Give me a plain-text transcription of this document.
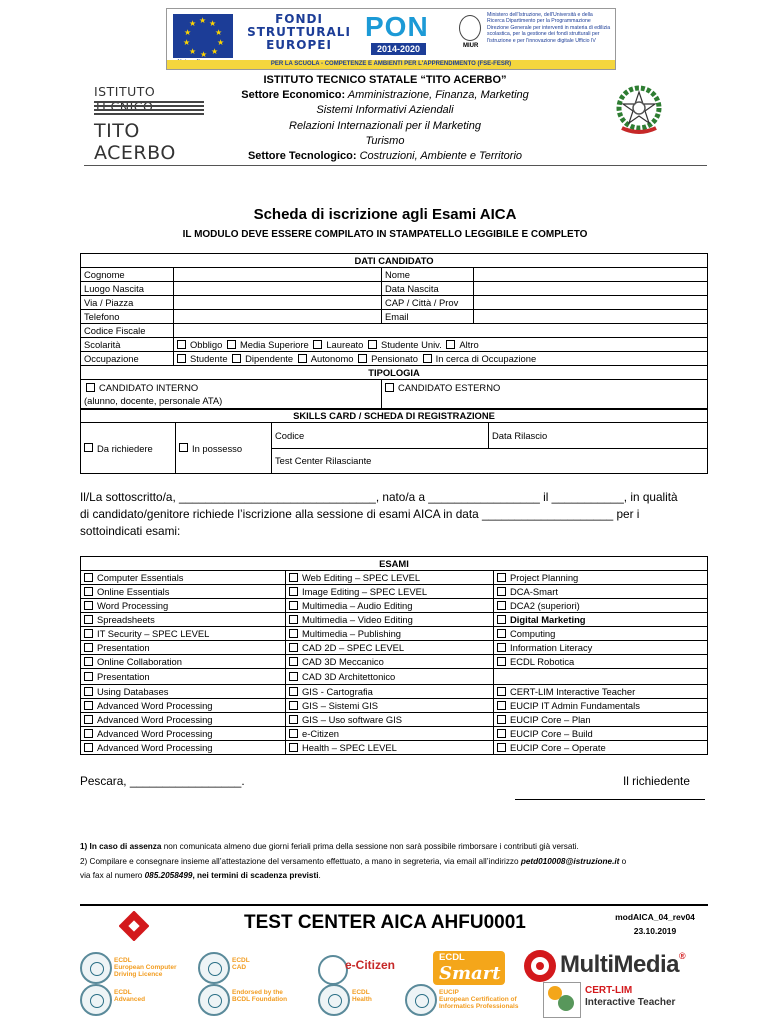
★ ★
★
★
★
★
★
★
★
★	FONDI STRUTTURALI EUROPEI
PON
2014-2020	MIUR
Ministero dell'Istruzione, dell'Università e della Ricerca Dipartimento per la Programmazione Direzione Generale per interventi in materia di edilizia scolastica, per la gestione dei fondi strutturali per l'istruzione e per l'innovazione digitale Ufficio IV
PER LA SCUOLA - COMPETENZE E AMBIENTI PER L'APPRENDIMENTO (FSE-FESR)
ISTITUTO
TITO ACERBO
ISTITUTO TECNICO STATALE “TITO ACERBO”
Settore Economico: Amministrazione, Finanza, Marketing
Sistemi Informativi Aziendali
Relazioni Internazionali per il Marketing
Turismo
Settore Tecnologico: Costruzioni, Ambiente e Territorio
Scheda di iscrizione agli Esami AICA
IL MODULO DEVE ESSERE COMPILATO IN STAMPATELLO LEGGIBILE E COMPLETO
DATI CANDIDATO			
Cognome		Nome	
Luogo Nascita		Data Nascita	
Via / Piazza		CAP / Città / Prov	
Telefono		Email	
Codice Fiscale			
Scolarità	Obbligo Media Superiore Laureato Studente Univ. Altro		
Occupazione	Studente Dipendente Autonomo Pensionato In cerca di Occupazione		
TIPOLOGIA			

CANDIDATO INTERNO
(alunno, docente, personale ATA)		CANDIDATO ESTERNO	
SKILLS CARD / SCHEDA DI REGISTRAZIONE
Da richiedere	In possesso	Codice	Data Rilascio
Test Center Rilasciante
Il/La sottoscritto/a, ______________________________, nato/a a _________________ il ___________, in qualità
di candidato/genitore richiede l’iscrizione alla sessione di esami AICA in data ____________________ per i
sottoindicati esami:
ESAMI		
Computer Essentials	Web Editing – SPEC LEVEL	Project Planning
Online Essentials	Image Editing – SPEC LEVEL	DCA-Smart
Word Processing	Multimedia – Audio Editing	DCA2 (superiori)
Spreadsheets	Multimedia – Video Editing	Digital Marketing
IT Security – SPEC LEVEL	Multimedia – Publishing	Computing
Presentation	CAD 2D – SPEC LEVEL	Information Literacy
Online Collaboration	CAD 3D Meccanico	ECDL Robotica
Presentation	CAD 3D Architettonico	
Using Databases	GIS - Cartografia	CERT-LIM Interactive Teacher
Advanced Word Processing	GIS – Sistemi GIS	EUCIP IT Admin Fundamentals
Advanced Word Processing	GIS – Uso software GIS	EUCIP Core – Plan
Advanced Word Processing	e-Citizen	EUCIP Core – Build
Advanced Word Processing	Health – SPEC LEVEL	EUCIP Core – Operate
Pescara, _________________.	Il richiedente
1) In caso di assenza non comunicata almeno due giorni feriali prima della sessione non sarà possibile rimborsare i contributi già versati.
2) Compilare e consegnare insieme all’attestazione del versamento effettuato, a mano in segreteria, via email all’indirizzo petd010008@istruzione.it o
via fax al numero 085.2058499, nei termini di scadenza previsti.
TEST CENTER AICA AHFU0001	modAICA_04_rev04
23.10.2019
ECDL
European Computer
Driving Licence
ECDL
CAD	e-Citizen
ECDL
Smart MultiMedia®
ECDL
Advanced
Endorsed by the
BCDL Foundation
ECDL
Health
EUCIP
European Certification of
Informatics Professionals
CERT-LIM
Interactive Teacher
